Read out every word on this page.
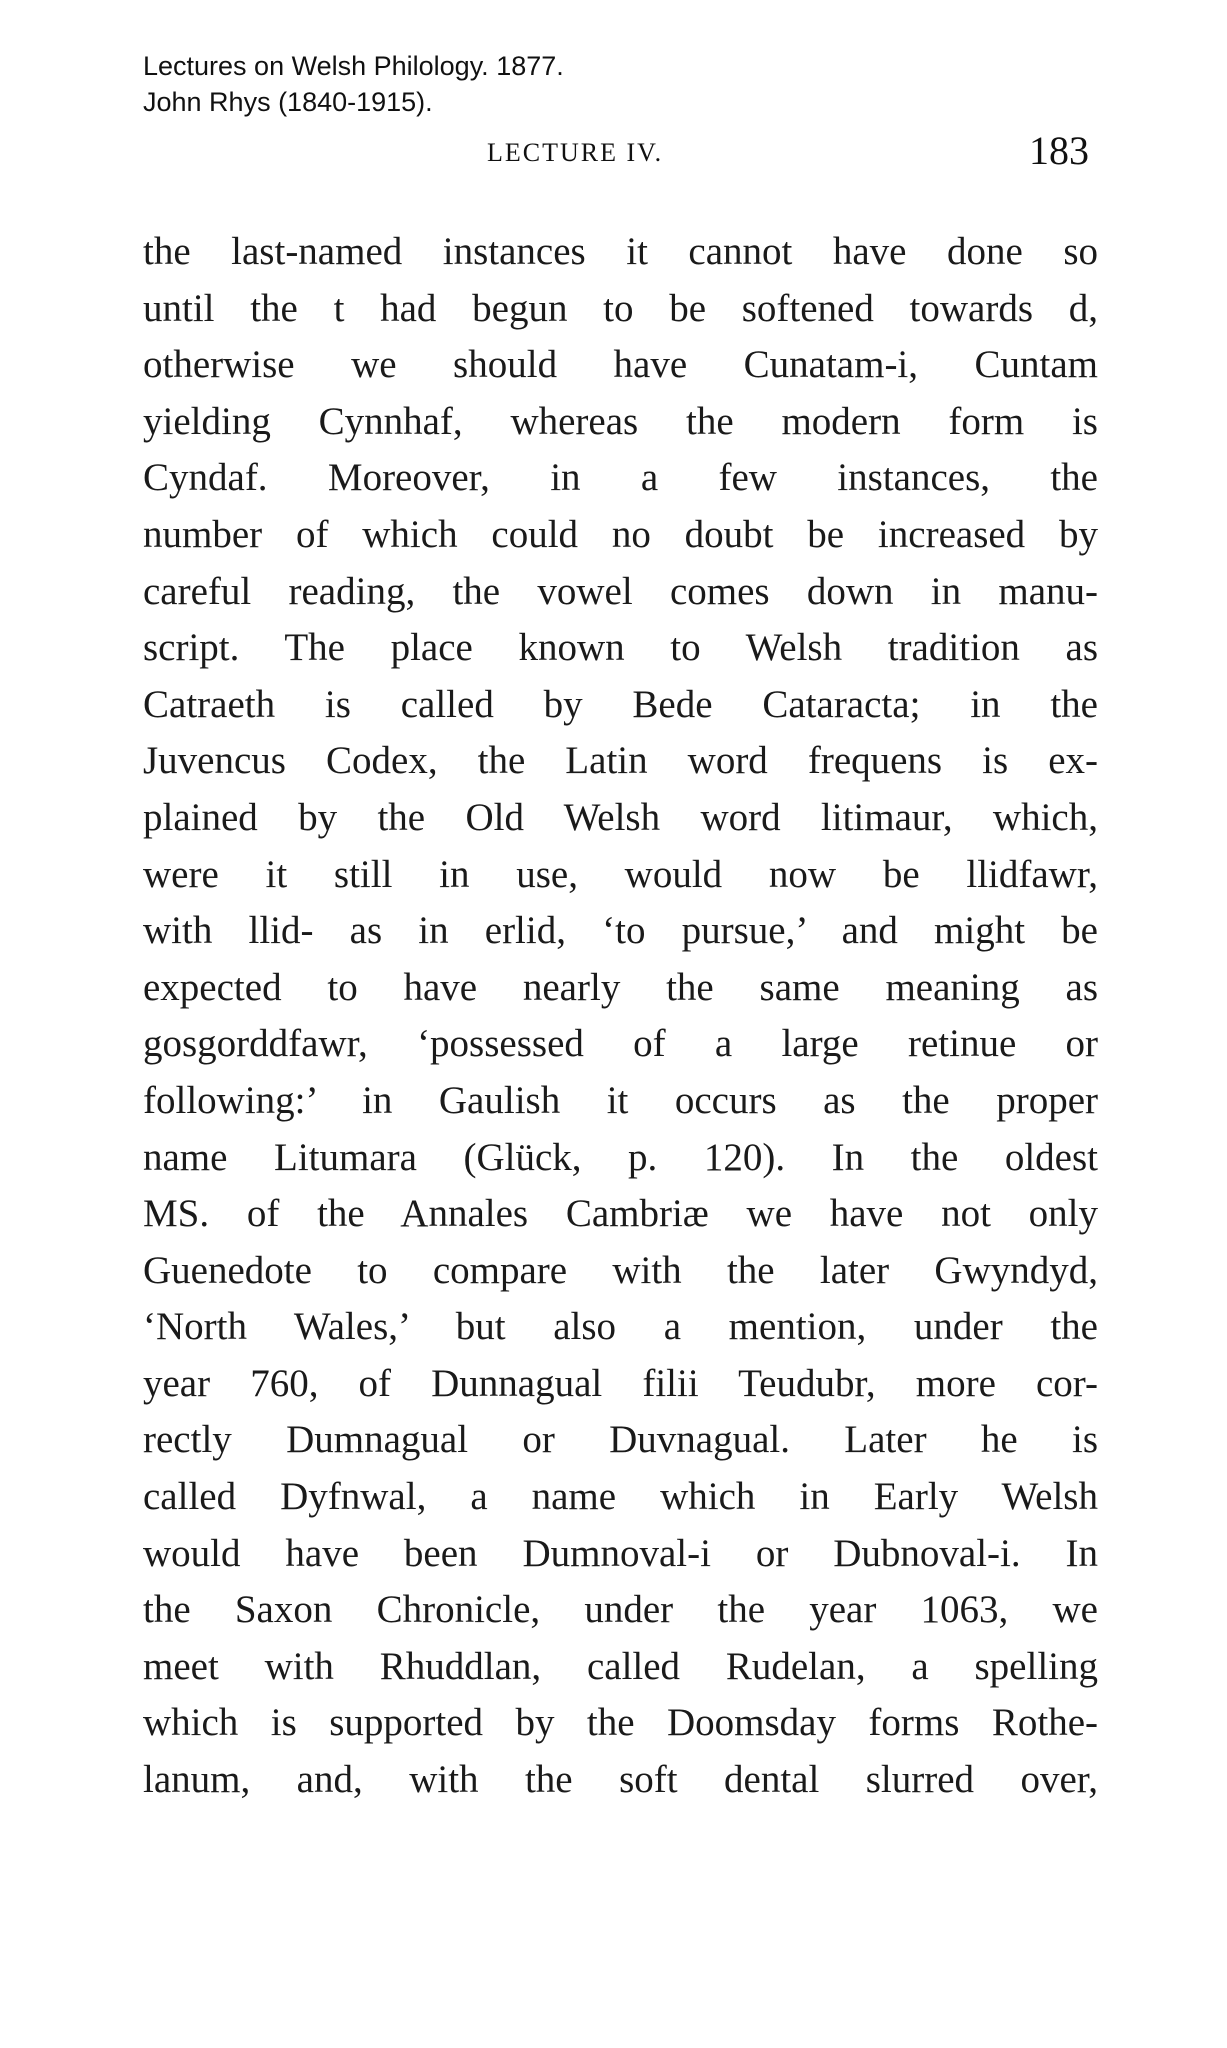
Lectures on Welsh Philology. 1877.
John Rhys (1840-1915).
LECTURE IV.	183
the last-named instances it cannot have done so
until the t had begun to be softened towards d,
otherwise we should have Cunatam-i, Cuntam
yielding Cynnhaf, whereas the modern form is
Cyndaf. Moreover, in a few instances, the
number of which could no doubt be increased by
careful reading, the vowel comes down in manu-
script. The place known to Welsh tradition as
Catraeth is called by Bede Cataracta; in the
Juvencus Codex, the Latin word frequens is ex-
plained by the Old Welsh word litimaur, which,
were it still in use, would now be llidfawr,
with llid- as in erlid, ‘to pursue,’ and might be
expected to have nearly the same meaning as
gosgorddfawr, ‘possessed of a large retinue or
following:’ in Gaulish it occurs as the proper
name Litumara (Glück, p. 120). In the oldest
MS. of the Annales Cambriæ we have not only
Guenedote to compare with the later Gwyndyd,
‘North Wales,’ but also a mention, under the
year 760, of Dunnagual filii Teudubr, more cor-
rectly Dumnagual or Duvnagual. Later he is
called Dyfnwal, a name which in Early Welsh
would have been Dumnoval-i or Dubnoval-i. In
the Saxon Chronicle, under the year 1063, we
meet with Rhuddlan, called Rudelan, a spelling
which is supported by the Doomsday forms Rothe-
lanum, and, with the soft dental slurred over,
